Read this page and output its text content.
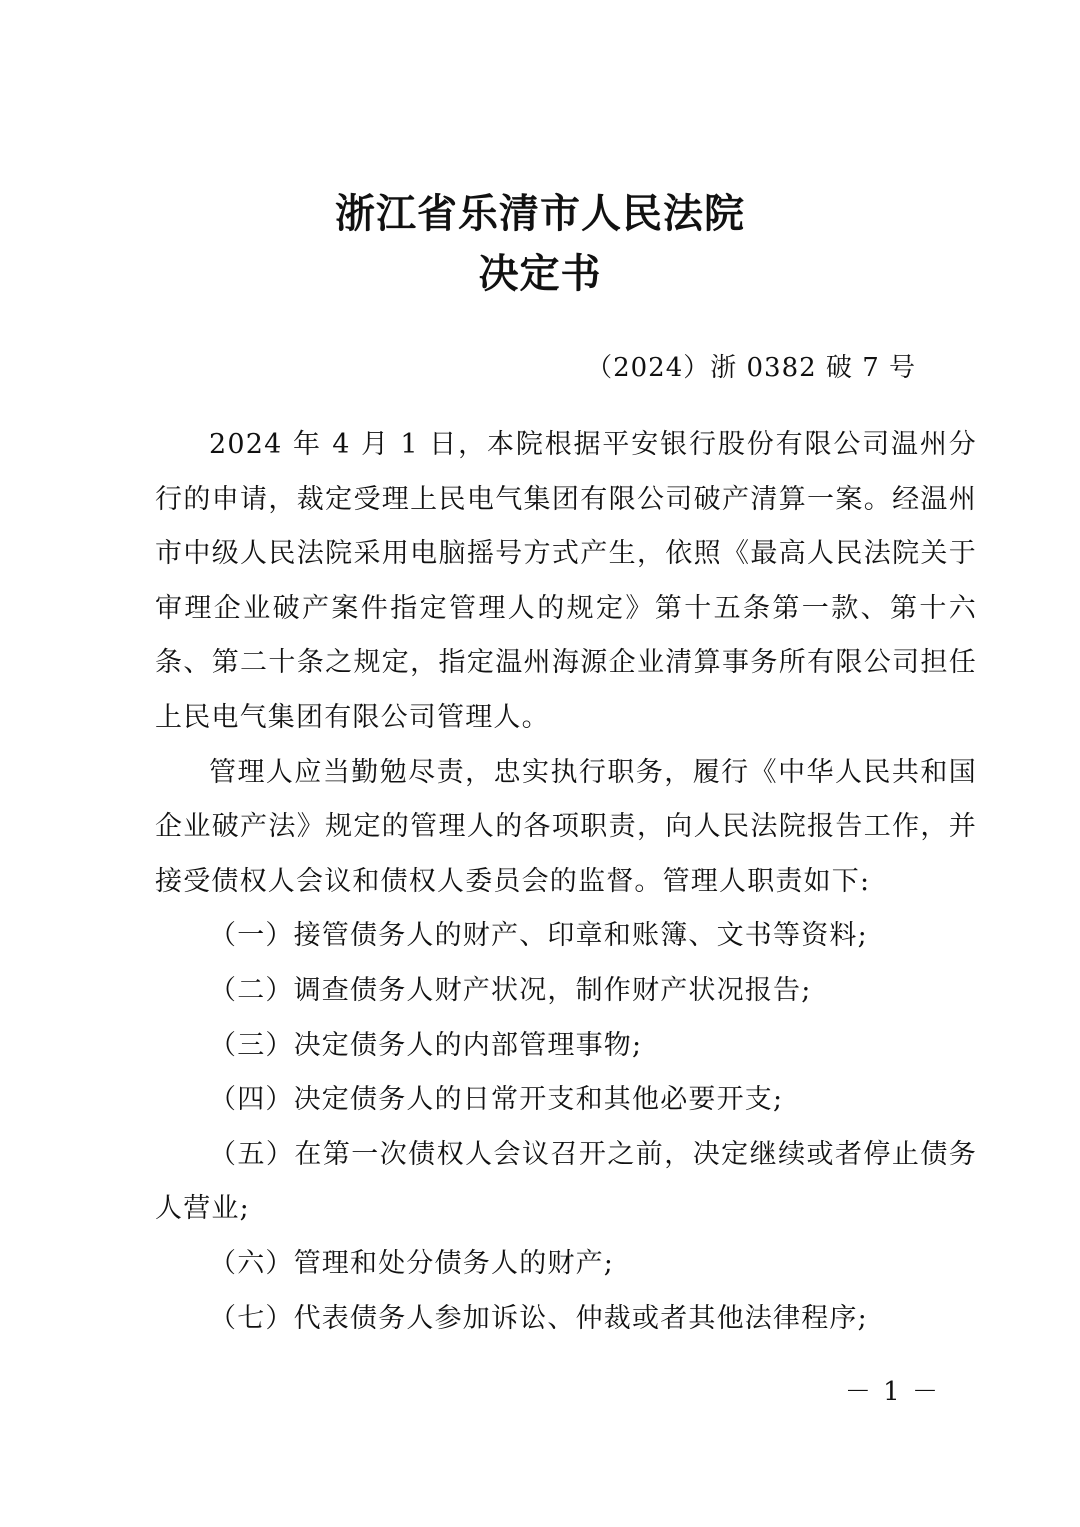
浙江省乐清市人民法院
决定书
（2024）浙 0382 破 7 号

2024 年 4 月 1 日，本院根据平安银行股份有限公司温州分行的申请，裁定受理上民电气集团有限公司破产清算一案。经温州市中级人民法院采用电脑摇号方式产生，依照《最高人民法院关于审理企业破产案件指定管理人的规定》第十五条第一款、第十六条、第二十条之规定，指定温州海源企业清算事务所有限公司担任上民电气集团有限公司管理人。

管理人应当勤勉尽责，忠实执行职务，履行《中华人民共和国企业破产法》规定的管理人的各项职责，向人民法院报告工作，并接受债权人会议和债权人委员会的监督。管理人职责如下:

（一）接管债务人的财产、印章和账簿、文书等资料;

（二）调查债务人财产状况，制作财产状况报告;

（三）决定债务人的内部管理事物;

（四）决定债务人的日常开支和其他必要开支;

（五）在第一次债权人会议召开之前，决定继续或者停止债务人营业;

（六）管理和处分债务人的财产;

（七）代表债务人参加诉讼、仲裁或者其他法律程序;

－ 1 －
